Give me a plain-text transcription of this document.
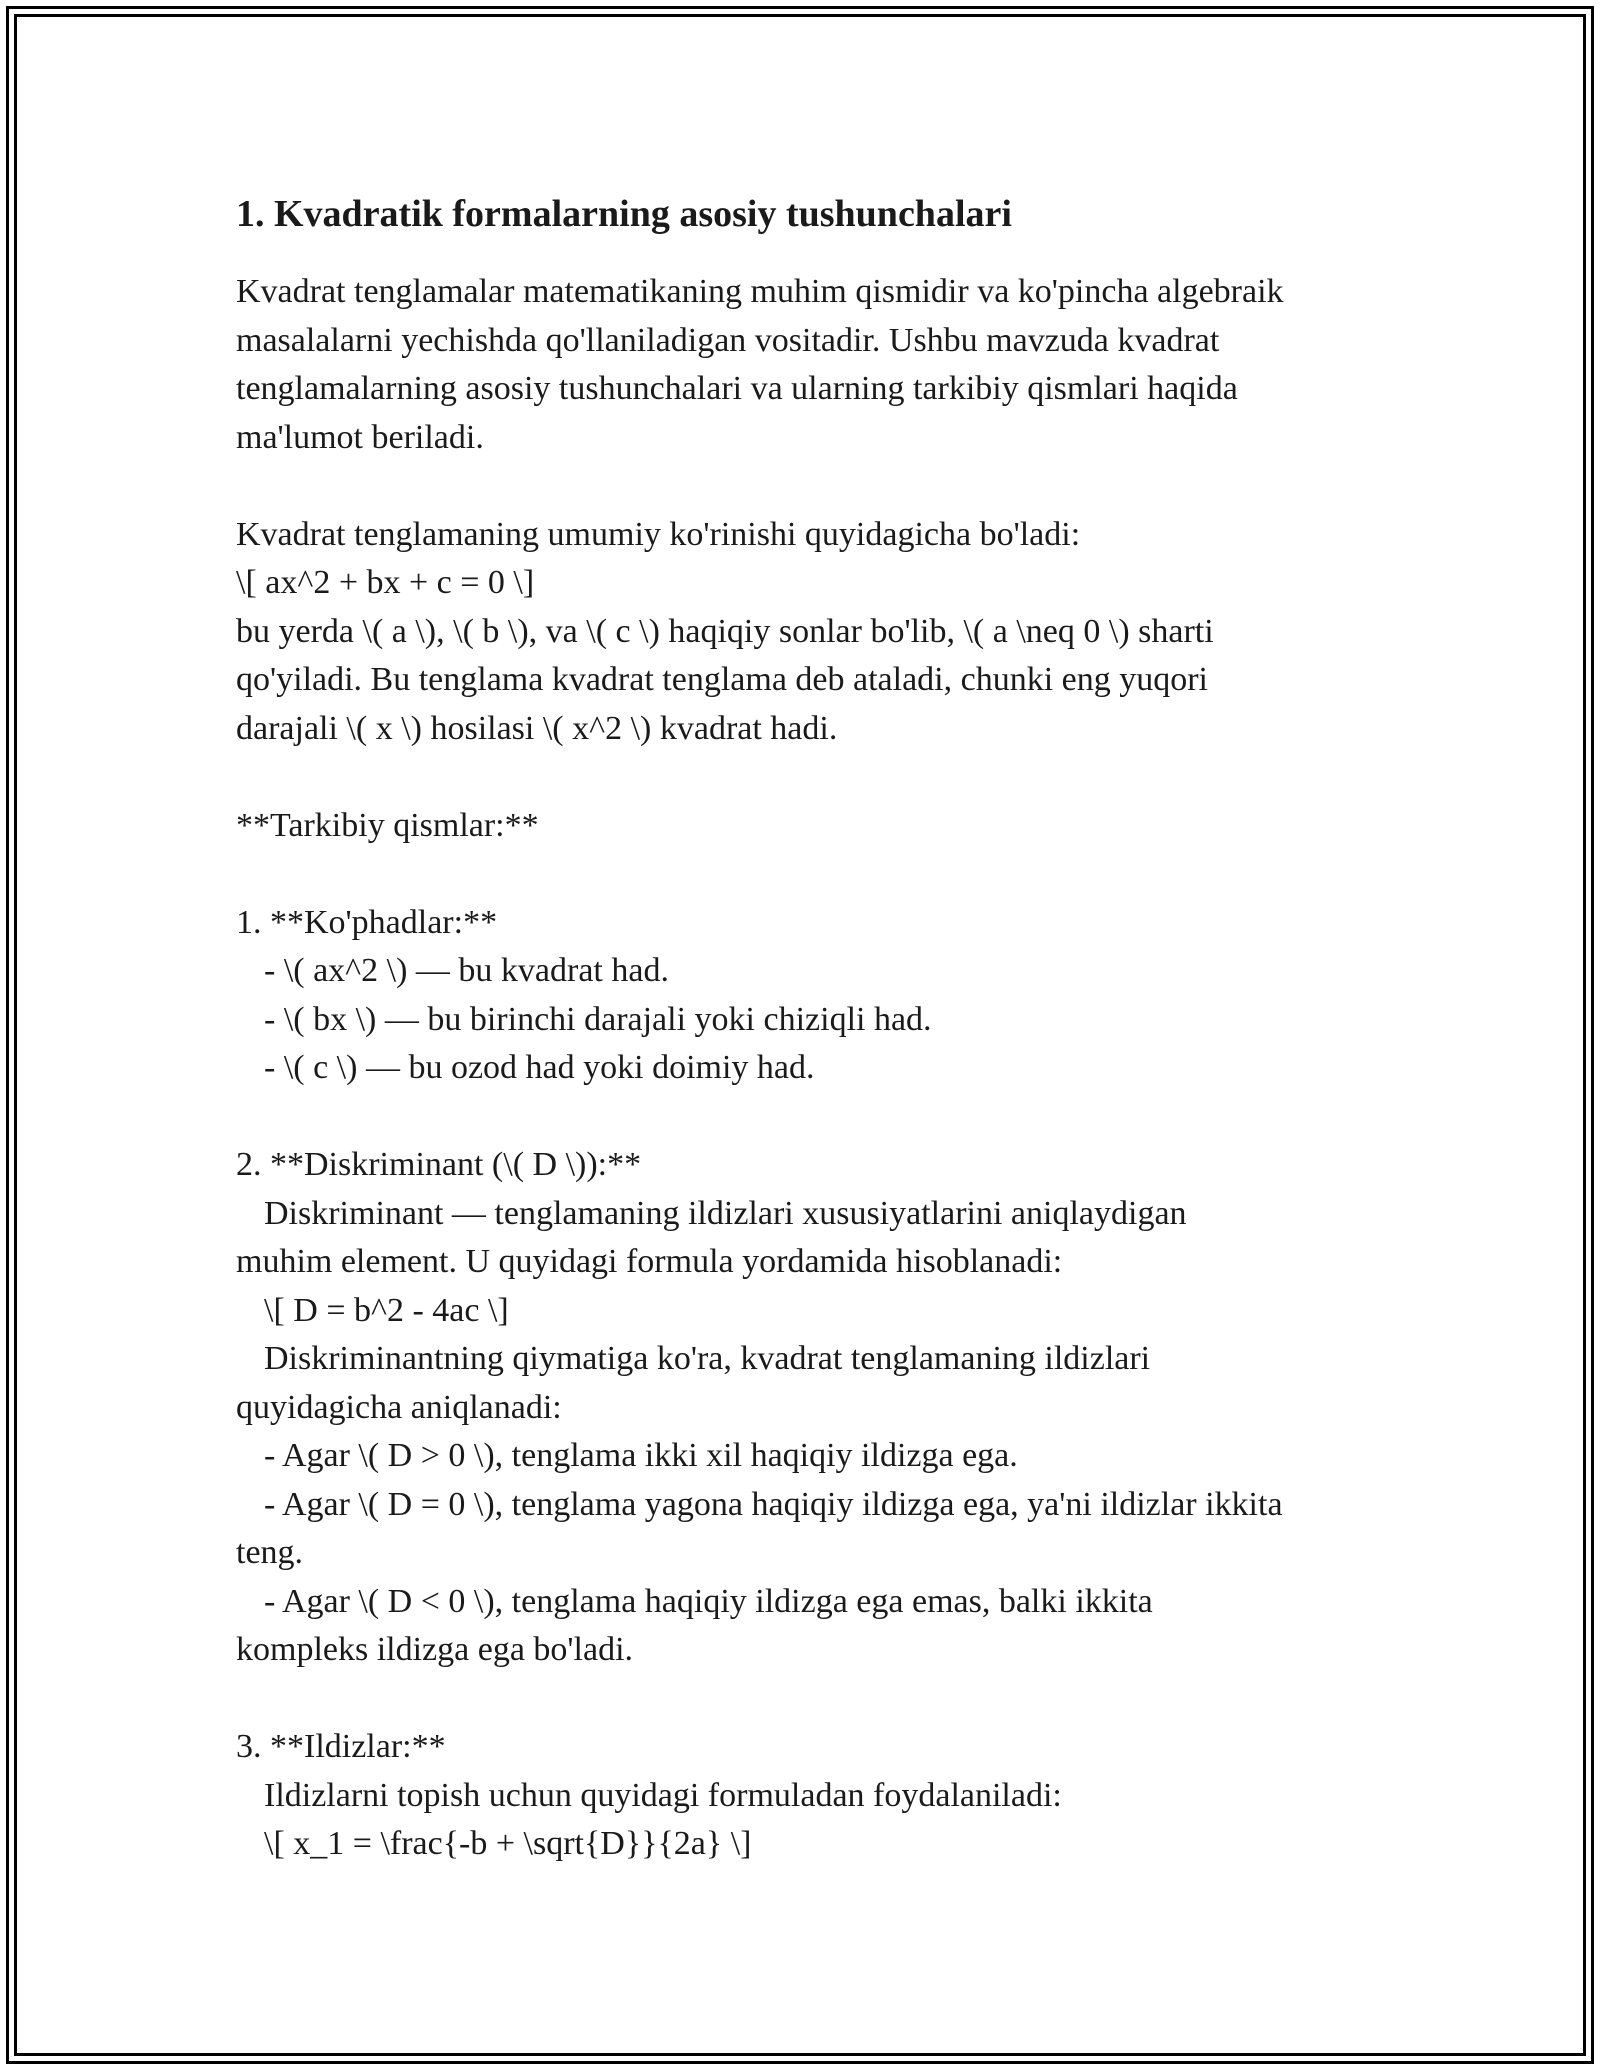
1. Kvadratik formalarning asosiy tushunchalari
Kvadrat tenglamalar matematikaning muhim qismidir va ko'pincha algebraik
masalalarni yechishda qo'llaniladigan vositadir. Ushbu mavzuda kvadrat
tenglamalarning asosiy tushunchalari va ularning tarkibiy qismlari haqida
ma'lumot beriladi.
Kvadrat tenglamaning umumiy ko'rinishi quyidagicha bo'ladi:
\[ ax^2 + bx + c = 0 \]
bu yerda \( a \), \( b \), va \( c \) haqiqiy sonlar bo'lib, \( a \neq 0 \) sharti
qo'yiladi. Bu tenglama kvadrat tenglama deb ataladi, chunki eng yuqori
darajali \( x \) hosilasi \( x^2 \) kvadrat hadi.
**Tarkibiy qismlar:**
1. **Ko'phadlar:**
- \( ax^2 \) — bu kvadrat had.
- \( bx \) — bu birinchi darajali yoki chiziqli had.
- \( c \) — bu ozod had yoki doimiy had.
2. **Diskriminant (\( D \)):**
Diskriminant — tenglamaning ildizlari xususiyatlarini aniqlaydigan
muhim element. U quyidagi formula yordamida hisoblanadi:
\[ D = b^2 - 4ac \]
Diskriminantning qiymatiga ko'ra, kvadrat tenglamaning ildizlari
quyidagicha aniqlanadi:
- Agar \( D > 0 \), tenglama ikki xil haqiqiy ildizga ega.
- Agar \( D = 0 \), tenglama yagona haqiqiy ildizga ega, ya'ni ildizlar ikkita
teng.
- Agar \( D < 0 \), tenglama haqiqiy ildizga ega emas, balki ikkita
kompleks ildizga ega bo'ladi.
3. **Ildizlar:**
Ildizlarni topish uchun quyidagi formuladan foydalaniladi:
\[ x_1 = \frac{-b + \sqrt{D}}{2a} \]
